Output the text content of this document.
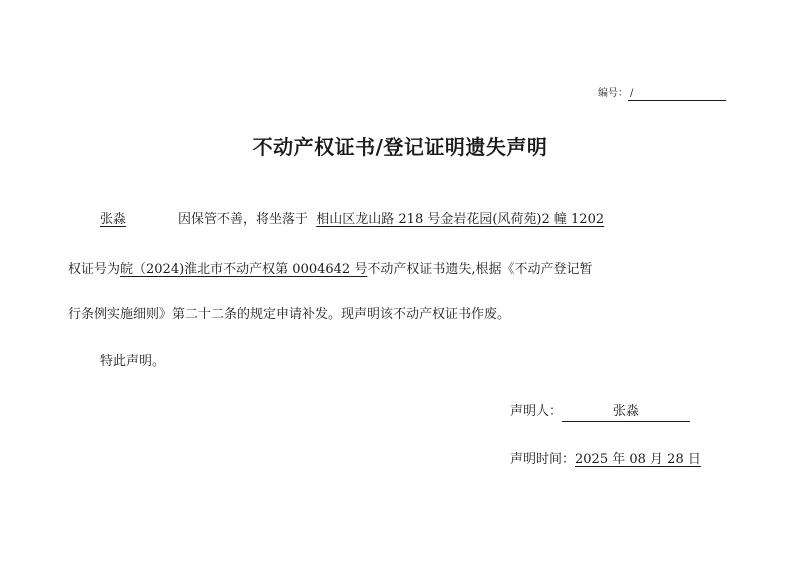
编号： /
不动产权证书/登记证明遗失声明
张淼	因保管不善，将坐落于 相山区龙山路 218 号金岩花园(风荷苑)2 幢 1202
权证号为皖（2024)淮北市不动产权第 0004642 号不动产权证书遗失,根据《不动产登记暂
行条例实施细则》第二十二条的规定申请补发。现声明该不动产权证书作废。
特此声明。
声明人：	张淼
声明时间：2025 年 08 月 28 日
